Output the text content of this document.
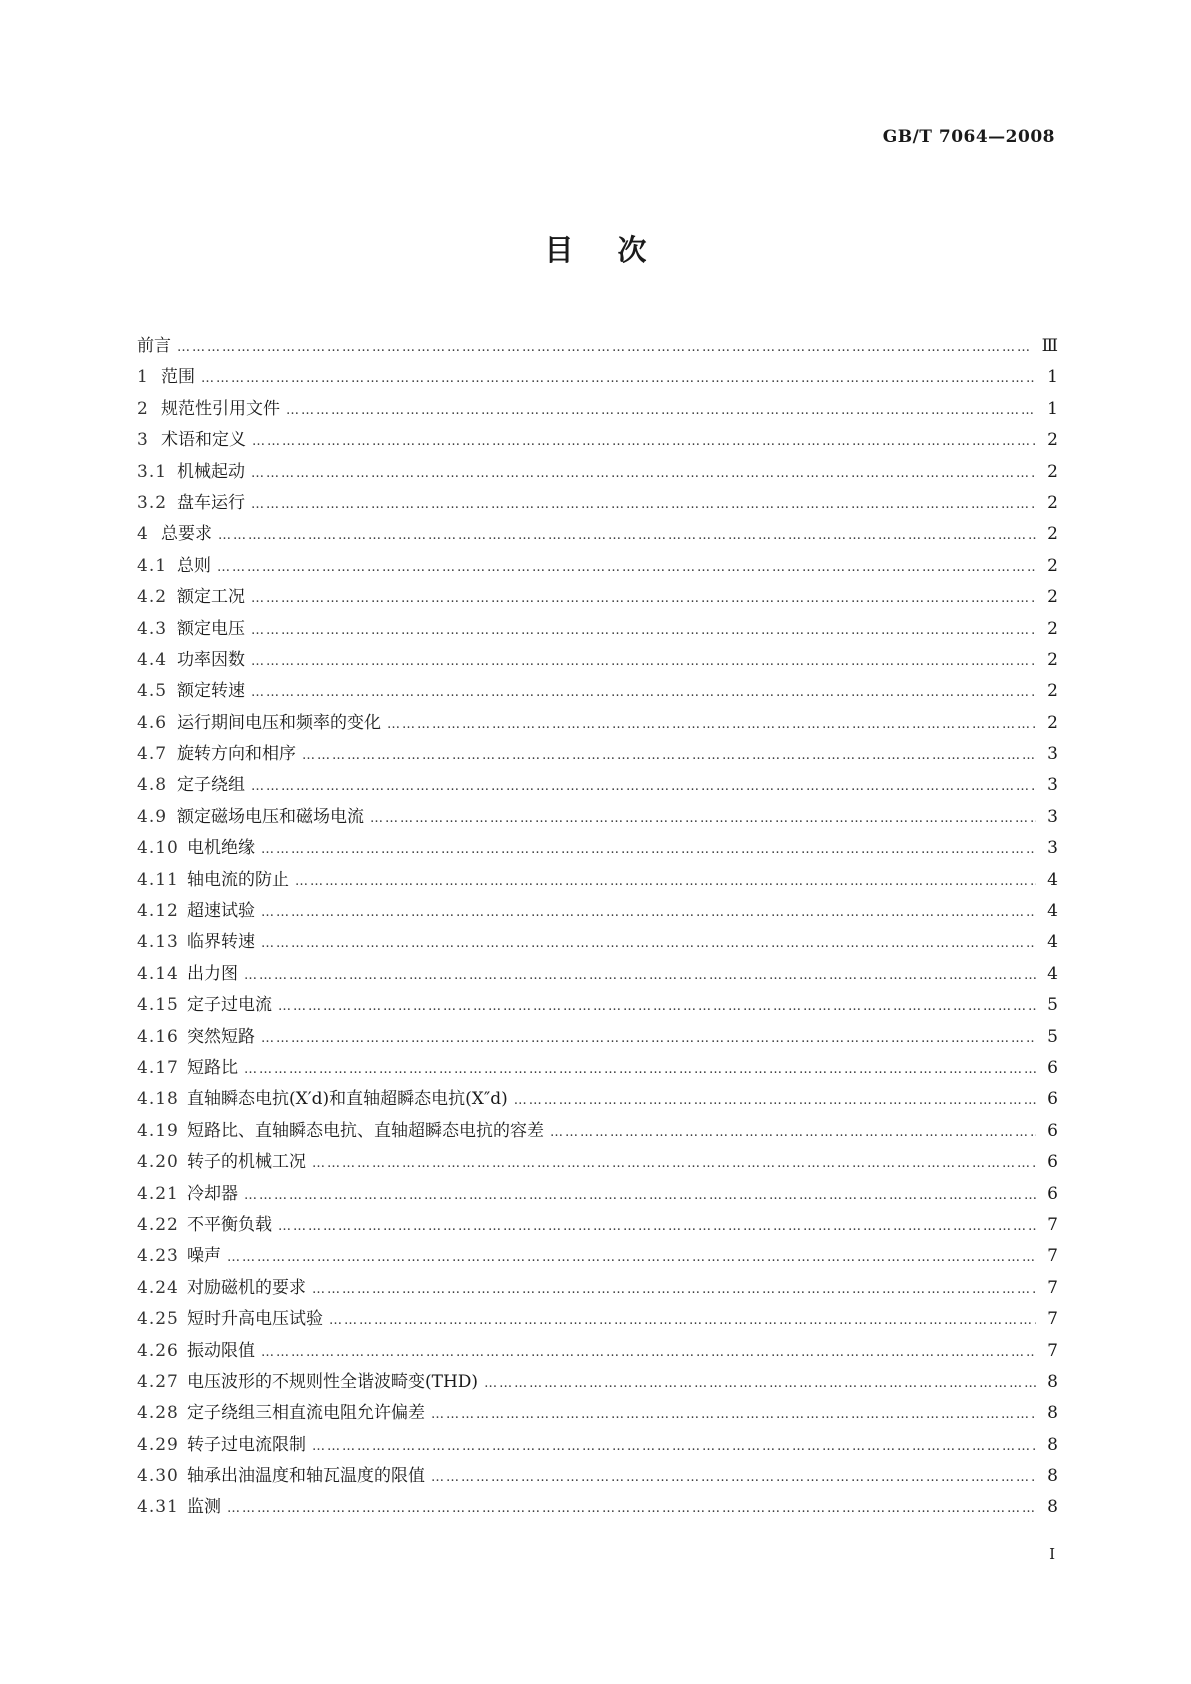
GB/T 7064—2008
目次
前言 …………………………………………………………………………………………………………………………………………………………………………………………………………………………	Ⅲ
1 范围 …………………………………………………………………………………………………………………………………………………………………………………………………………………………	1
2 规范性引用文件 …………………………………………………………………………………………………………………………………………………………………………………………………………………………	1
3 术语和定义 …………………………………………………………………………………………………………………………………………………………………………………………………………………………	2
3.1 机械起动 …………………………………………………………………………………………………………………………………………………………………………………………………………………………	2
3.2 盘车运行 …………………………………………………………………………………………………………………………………………………………………………………………………………………………	2
4 总要求 …………………………………………………………………………………………………………………………………………………………………………………………………………………………	2
4.1 总则 …………………………………………………………………………………………………………………………………………………………………………………………………………………………	2
4.2 额定工况 …………………………………………………………………………………………………………………………………………………………………………………………………………………………	2
4.3 额定电压 …………………………………………………………………………………………………………………………………………………………………………………………………………………………	2
4.4 功率因数 …………………………………………………………………………………………………………………………………………………………………………………………………………………………	2
4.5 额定转速 …………………………………………………………………………………………………………………………………………………………………………………………………………………………	2
4.6 运行期间电压和频率的变化 …………………………………………………………………………………………………………………………………………………………………………………………………………………………	2
4.7 旋转方向和相序 …………………………………………………………………………………………………………………………………………………………………………………………………………………………	3
4.8 定子绕组 …………………………………………………………………………………………………………………………………………………………………………………………………………………………	3
4.9 额定磁场电压和磁场电流 …………………………………………………………………………………………………………………………………………………………………………………………………………………………	3
4.10 电机绝缘 …………………………………………………………………………………………………………………………………………………………………………………………………………………………	3
4.11 轴电流的防止 …………………………………………………………………………………………………………………………………………………………………………………………………………………………	4
4.12 超速试验 …………………………………………………………………………………………………………………………………………………………………………………………………………………………	4
4.13 临界转速 …………………………………………………………………………………………………………………………………………………………………………………………………………………………	4
4.14 出力图 …………………………………………………………………………………………………………………………………………………………………………………………………………………………	4
4.15 定子过电流 …………………………………………………………………………………………………………………………………………………………………………………………………………………………	5
4.16 突然短路 …………………………………………………………………………………………………………………………………………………………………………………………………………………………	5
4.17 短路比 …………………………………………………………………………………………………………………………………………………………………………………………………………………………	6
4.18 直轴瞬态电抗(X′d)和直轴超瞬态电抗(X″d) …………………………………………………………………………………………………………………………………………………………………………………………………………………………	6
4.19 短路比、直轴瞬态电抗、直轴超瞬态电抗的容差 …………………………………………………………………………………………………………………………………………………………………………………………………………………………	6
4.20 转子的机械工况 …………………………………………………………………………………………………………………………………………………………………………………………………………………………	6
4.21 冷却器 …………………………………………………………………………………………………………………………………………………………………………………………………………………………	6
4.22 不平衡负载 …………………………………………………………………………………………………………………………………………………………………………………………………………………………	7
4.23 噪声 …………………………………………………………………………………………………………………………………………………………………………………………………………………………	7
4.24 对励磁机的要求 …………………………………………………………………………………………………………………………………………………………………………………………………………………………	7
4.25 短时升高电压试验 …………………………………………………………………………………………………………………………………………………………………………………………………………………………	7
4.26 振动限值 …………………………………………………………………………………………………………………………………………………………………………………………………………………………	7
4.27 电压波形的不规则性全谐波畸变(THD) …………………………………………………………………………………………………………………………………………………………………………………………………………………………	8
4.28 定子绕组三相直流电阻允许偏差 …………………………………………………………………………………………………………………………………………………………………………………………………………………………	8
4.29 转子过电流限制 …………………………………………………………………………………………………………………………………………………………………………………………………………………………	8
4.30 轴承出油温度和轴瓦温度的限值 …………………………………………………………………………………………………………………………………………………………………………………………………………………………	8
4.31 监测 …………………………………………………………………………………………………………………………………………………………………………………………………………………………	8
I
